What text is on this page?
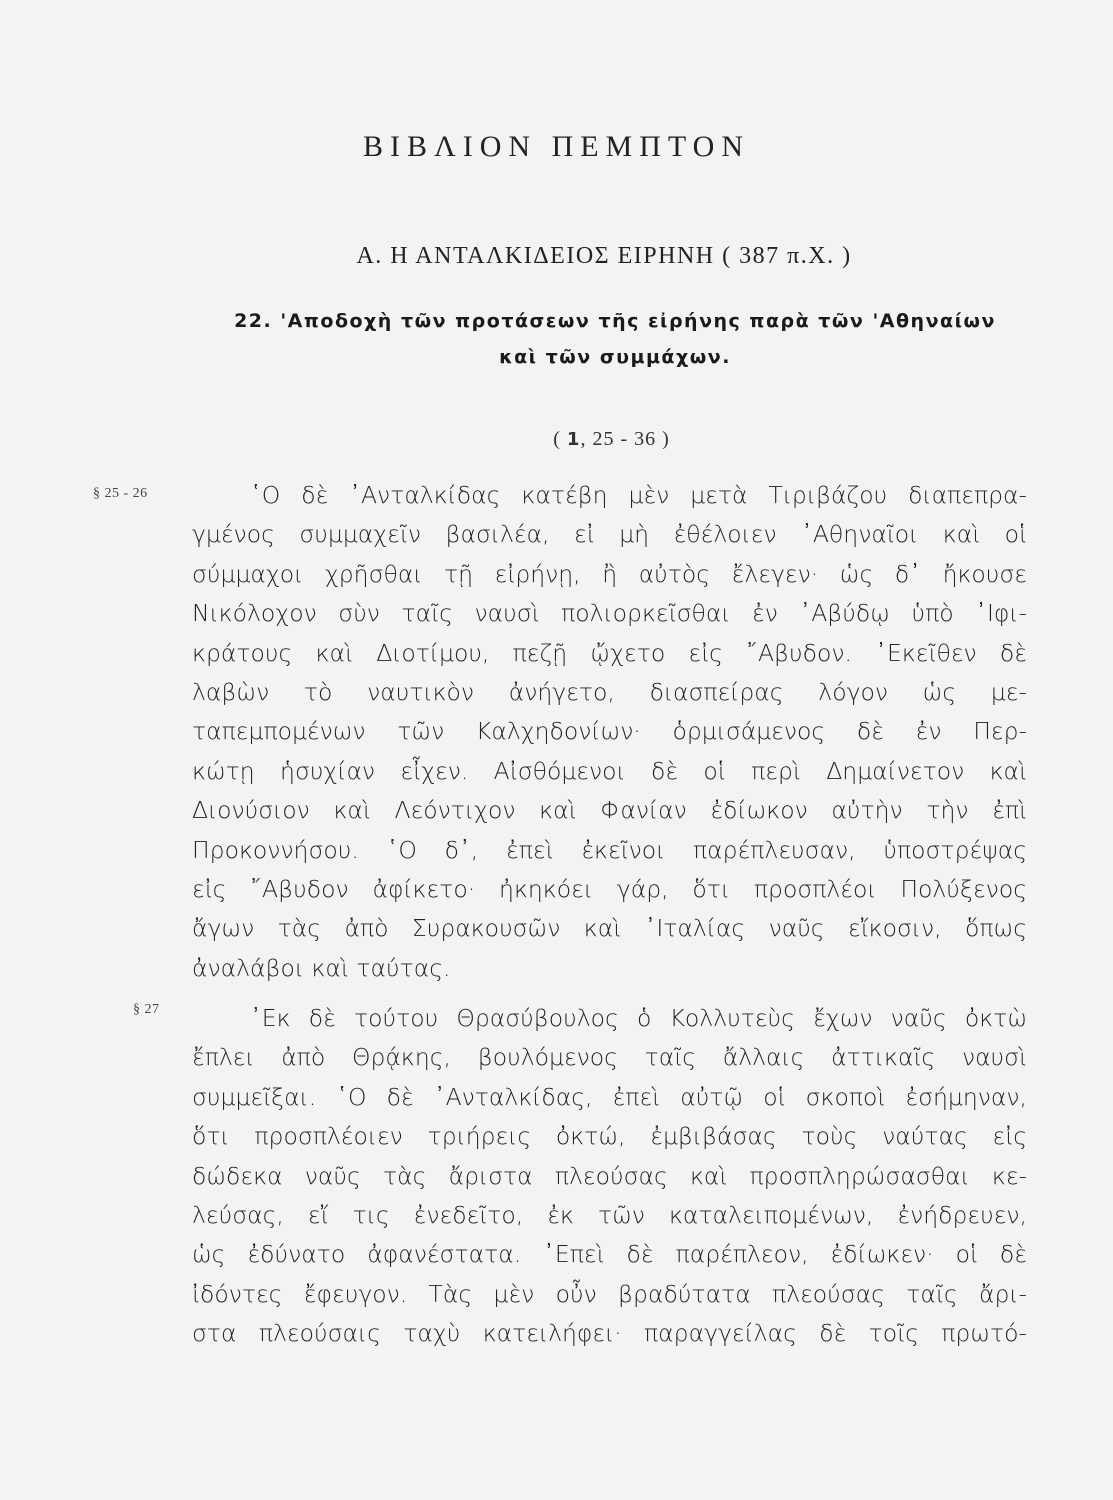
ΒΙΒΛΙΟΝ ΠΕΜΠΤΟΝ
Α. Η ΑΝΤΑΛΚΙΔΕΙΟΣ ΕΙΡΗΝΗ ( 387 π.Χ. )
22. 'Αποδοχὴ τῶν προτάσεων τῆς εἰρήνης παρὰ τῶν 'Αθηναίων
καὶ τῶν συμμάχων.
( 1, 25 - 36 )
§ 25 - 26	῾Ο δὲ ᾿Ανταλκίδας κατέβη μὲν μετὰ Τιριβάζου διαπεπρα-
γμένος συμμαχεῖν βασιλέα, εἰ μὴ ἐθέλοιεν ᾿Αθηναῖοι καὶ οἱ
σύμμαχοι χρῆσθαι τῇ εἰρήνῃ, ἢ αὐτὸς ἔλεγεν· ὡς δ᾿ ἤκουσε
Νικόλοχον σὺν ταῖς ναυσὶ πολιορκεῖσθαι ἐν ᾿Αβύδῳ ὑπὸ ᾿Ιφι-
κράτους καὶ Διοτίμου, πεζῇ ᾤχετο εἰς ῎Αβυδον. ᾿Εκεῖθεν δὲ
λαβὼν τὸ ναυτικὸν ἀνήγετο, διασπείρας λόγον ὡς με-
ταπεμπομένων τῶν Καλχηδονίων· ὁρμισάμενος δὲ ἐν Περ-
κώτῃ ἡσυχίαν εἶχεν. Αἰσθόμενοι δὲ οἱ περὶ Δημαίνετον καὶ
Διονύσιον καὶ Λεόντιχον καὶ Φανίαν ἐδίωκον αὐτὴν τὴν ἐπὶ
Προκοννήσου. ῾Ο δ᾿, ἐπεὶ ἐκεῖνοι παρέπλευσαν, ὑποστρέψας
εἰς ῎Αβυδον ἀφίκετο· ἠκηκόει γάρ, ὅτι προσπλέοι Πολύξενος
ἄγων τὰς ἀπὸ Συρακουσῶν καὶ ᾿Ιταλίας ναῦς εἴκοσιν, ὅπως
ἀναλάβοι καὶ ταύτας.
§ 27	᾿Εκ δὲ τούτου Θρασύβουλος ὁ Κολλυτεὺς ἔχων ναῦς ὀκτὼ
ἔπλει ἀπὸ Θρᾴκης, βουλόμενος ταῖς ἄλλαις ἀττικαῖς ναυσὶ
συμμεῖξαι. ῾Ο δὲ ᾿Ανταλκίδας, ἐπεὶ αὐτῷ οἱ σκοποὶ ἐσήμηναν,
ὅτι προσπλέοιεν τριήρεις ὀκτώ, ἐμβιβάσας τοὺς ναύτας εἰς
δώδεκα ναῦς τὰς ἄριστα πλεούσας καὶ προσπληρώσασθαι κε-
λεύσας, εἴ τις ἐνεδεῖτο, ἐκ τῶν καταλειπομένων, ἐνήδρευεν,
ὡς ἐδύνατο ἀφανέστατα. ᾿Επεὶ δὲ παρέπλεον, ἐδίωκεν· οἱ δὲ
ἰδόντες ἔφευγον. Τὰς μὲν οὖν βραδύτατα πλεούσας ταῖς ἄρι-
στα πλεούσαις ταχὺ κατειλήφει· παραγγείλας δὲ τοῖς πρωτό-
